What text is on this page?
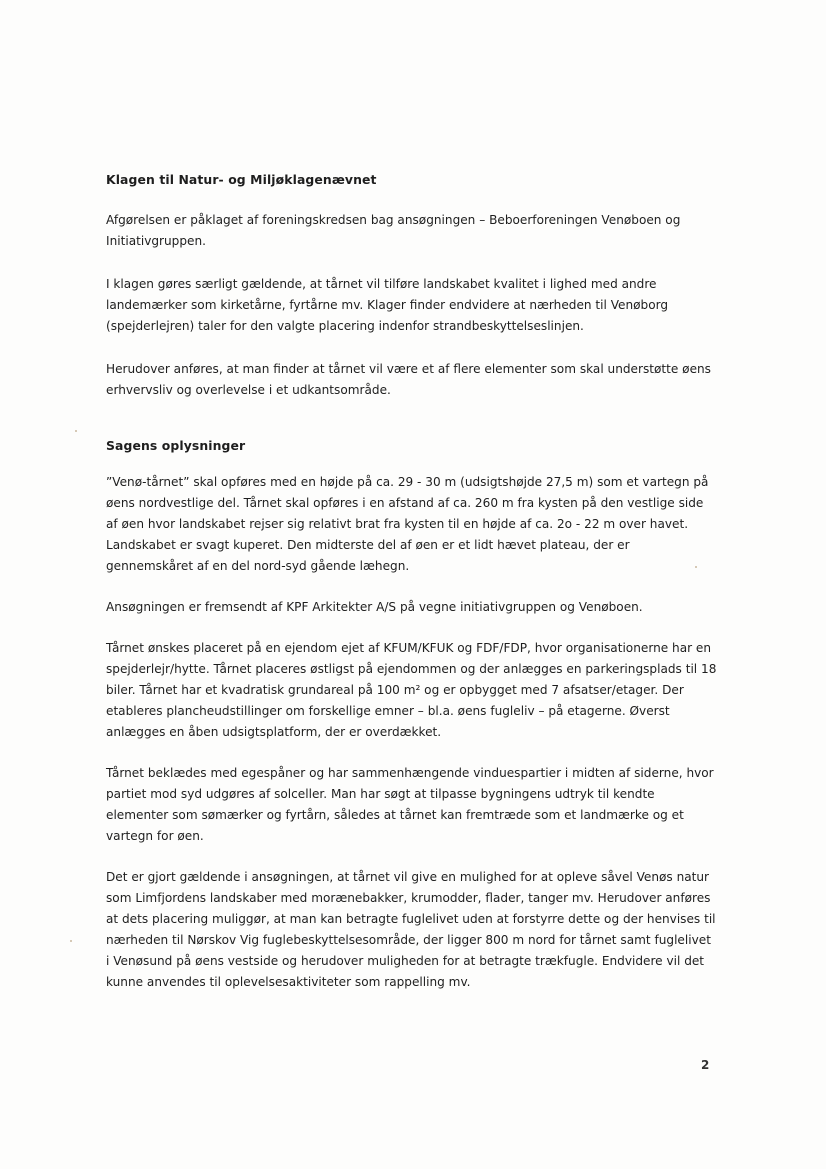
Klagen til Natur- og Miljøklagenævnet

Afgørelsen er påklaget af foreningskredsen bag ansøgningen – Beboerforeningen Venøboen og Initiativgruppen.

I klagen gøres særligt gældende, at tårnet vil tilføre landskabet kvalitet i lighed med andre landemærker som kirketårne, fyrtårne mv. Klager finder endvidere at nærheden til Venøborg (spejderlejren) taler for den valgte placering indenfor strandbeskyttelseslinjen.

Herudover anføres, at man finder at tårnet vil være et af flere elementer som skal understøtte øens erhvervsliv og overlevelse i et udkantsområde.

Sagens oplysninger

”Venø-tårnet” skal opføres med en højde på ca. 29 - 30 m (udsigtshøjde 27,5 m) som et vartegn på øens nordvestlige del. Tårnet skal opføres i en afstand af ca. 260 m fra kysten på den vestlige side af øen hvor landskabet rejser sig relativt brat fra kysten til en højde af ca. 2o - 22 m over havet. Landskabet er svagt kuperet. Den midterste del af øen er et lidt hævet plateau, der er gennemskåret af en del nord-syd gående læhegn.

Ansøgningen er fremsendt af KPF Arkitekter A/S på vegne initiativgruppen og Venøboen.

Tårnet ønskes placeret på en ejendom ejet af KFUM/KFUK og FDF/FDP, hvor organisationerne har en spejderlejr/hytte. Tårnet placeres østligst på ejendommen og der anlægges en parkeringsplads til 18 biler. Tårnet har et kvadratisk grundareal på 100 m² og er opbygget med 7 afsatser/etager. Der etableres plancheudstillinger om forskellige emner – bl.a. øens fugleliv – på etagerne. Øverst anlægges en åben udsigtsplatform, der er overdækket.

Tårnet beklædes med egespåner og har sammenhængende vinduespartier i midten af siderne, hvor partiet mod syd udgøres af solceller. Man har søgt at tilpasse bygningens udtryk til kendte elementer som sømærker og fyrtårn, således at tårnet kan fremtræde som et landmærke og et vartegn for øen.

Det er gjort gældende i ansøgningen, at tårnet vil give en mulighed for at opleve såvel Venøs natur som Limfjordens landskaber med morænebakker, krumodder, flader, tanger mv. Herudover anføres at dets placering muliggør, at man kan betragte fuglelivet uden at forstyrre dette og der henvises til nærheden til Nørskov Vig fuglebeskyttelsesområde, der ligger 800 m nord for tårnet samt fuglelivet i Venøsund på øens vestside og herudover muligheden for at betragte trækfugle. Endvidere vil det kunne anvendes til oplevelsesaktiviteter som rappelling mv.

2
